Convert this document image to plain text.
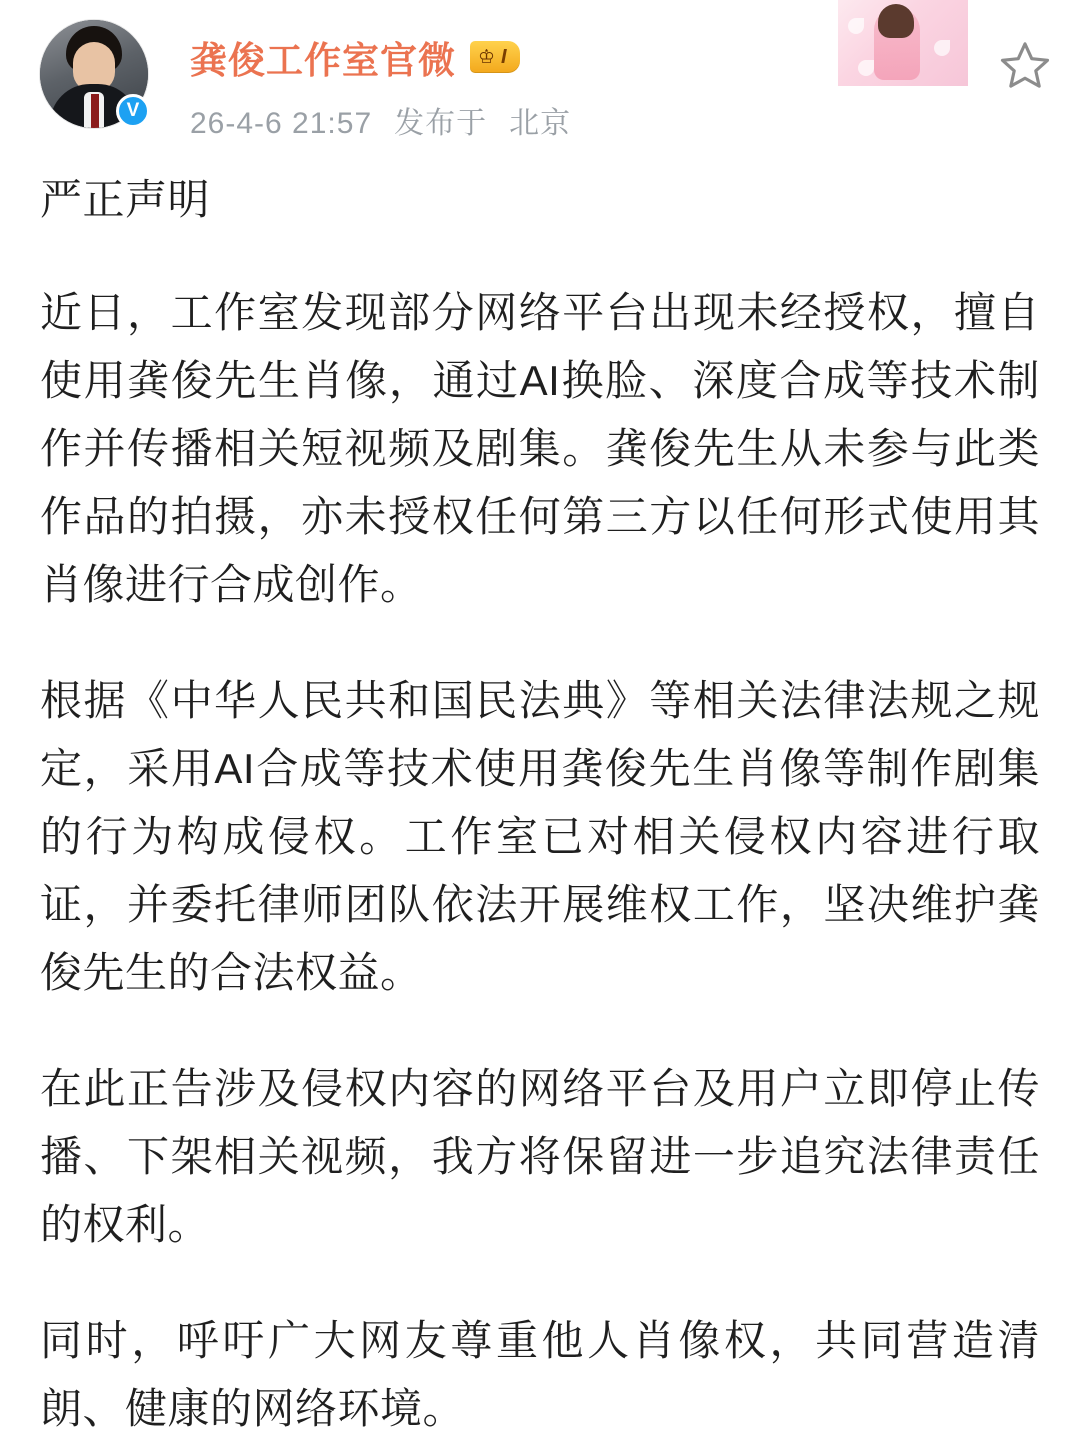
V
龚俊工作室官微 ♔ I
26-4-6 21:57 发布于 北京
严正声明

近日，工作室发现部分网络平台出现未经授权，擅自使用龚俊先生肖像，通过AI换脸、深度合成等技术制作并传播相关短视频及剧集。龚俊先生从未参与此类作品的拍摄，亦未授权任何第三方以任何形式使用其肖像进行合成创作。

根据《中华人民共和国民法典》等相关法律法规之规定，采用AI合成等技术使用龚俊先生肖像等制作剧集的行为构成侵权。工作室已对相关侵权内容进行取证，并委托律师团队依法开展维权工作，坚决维护龚俊先生的合法权益。

在此正告涉及侵权内容的网络平台及用户立即停止传播、下架相关视频，我方将保留进一步追究法律责任的权利。

同时，呼吁广大网友尊重他人肖像权，共同营造清朗、健康的网络环境。
